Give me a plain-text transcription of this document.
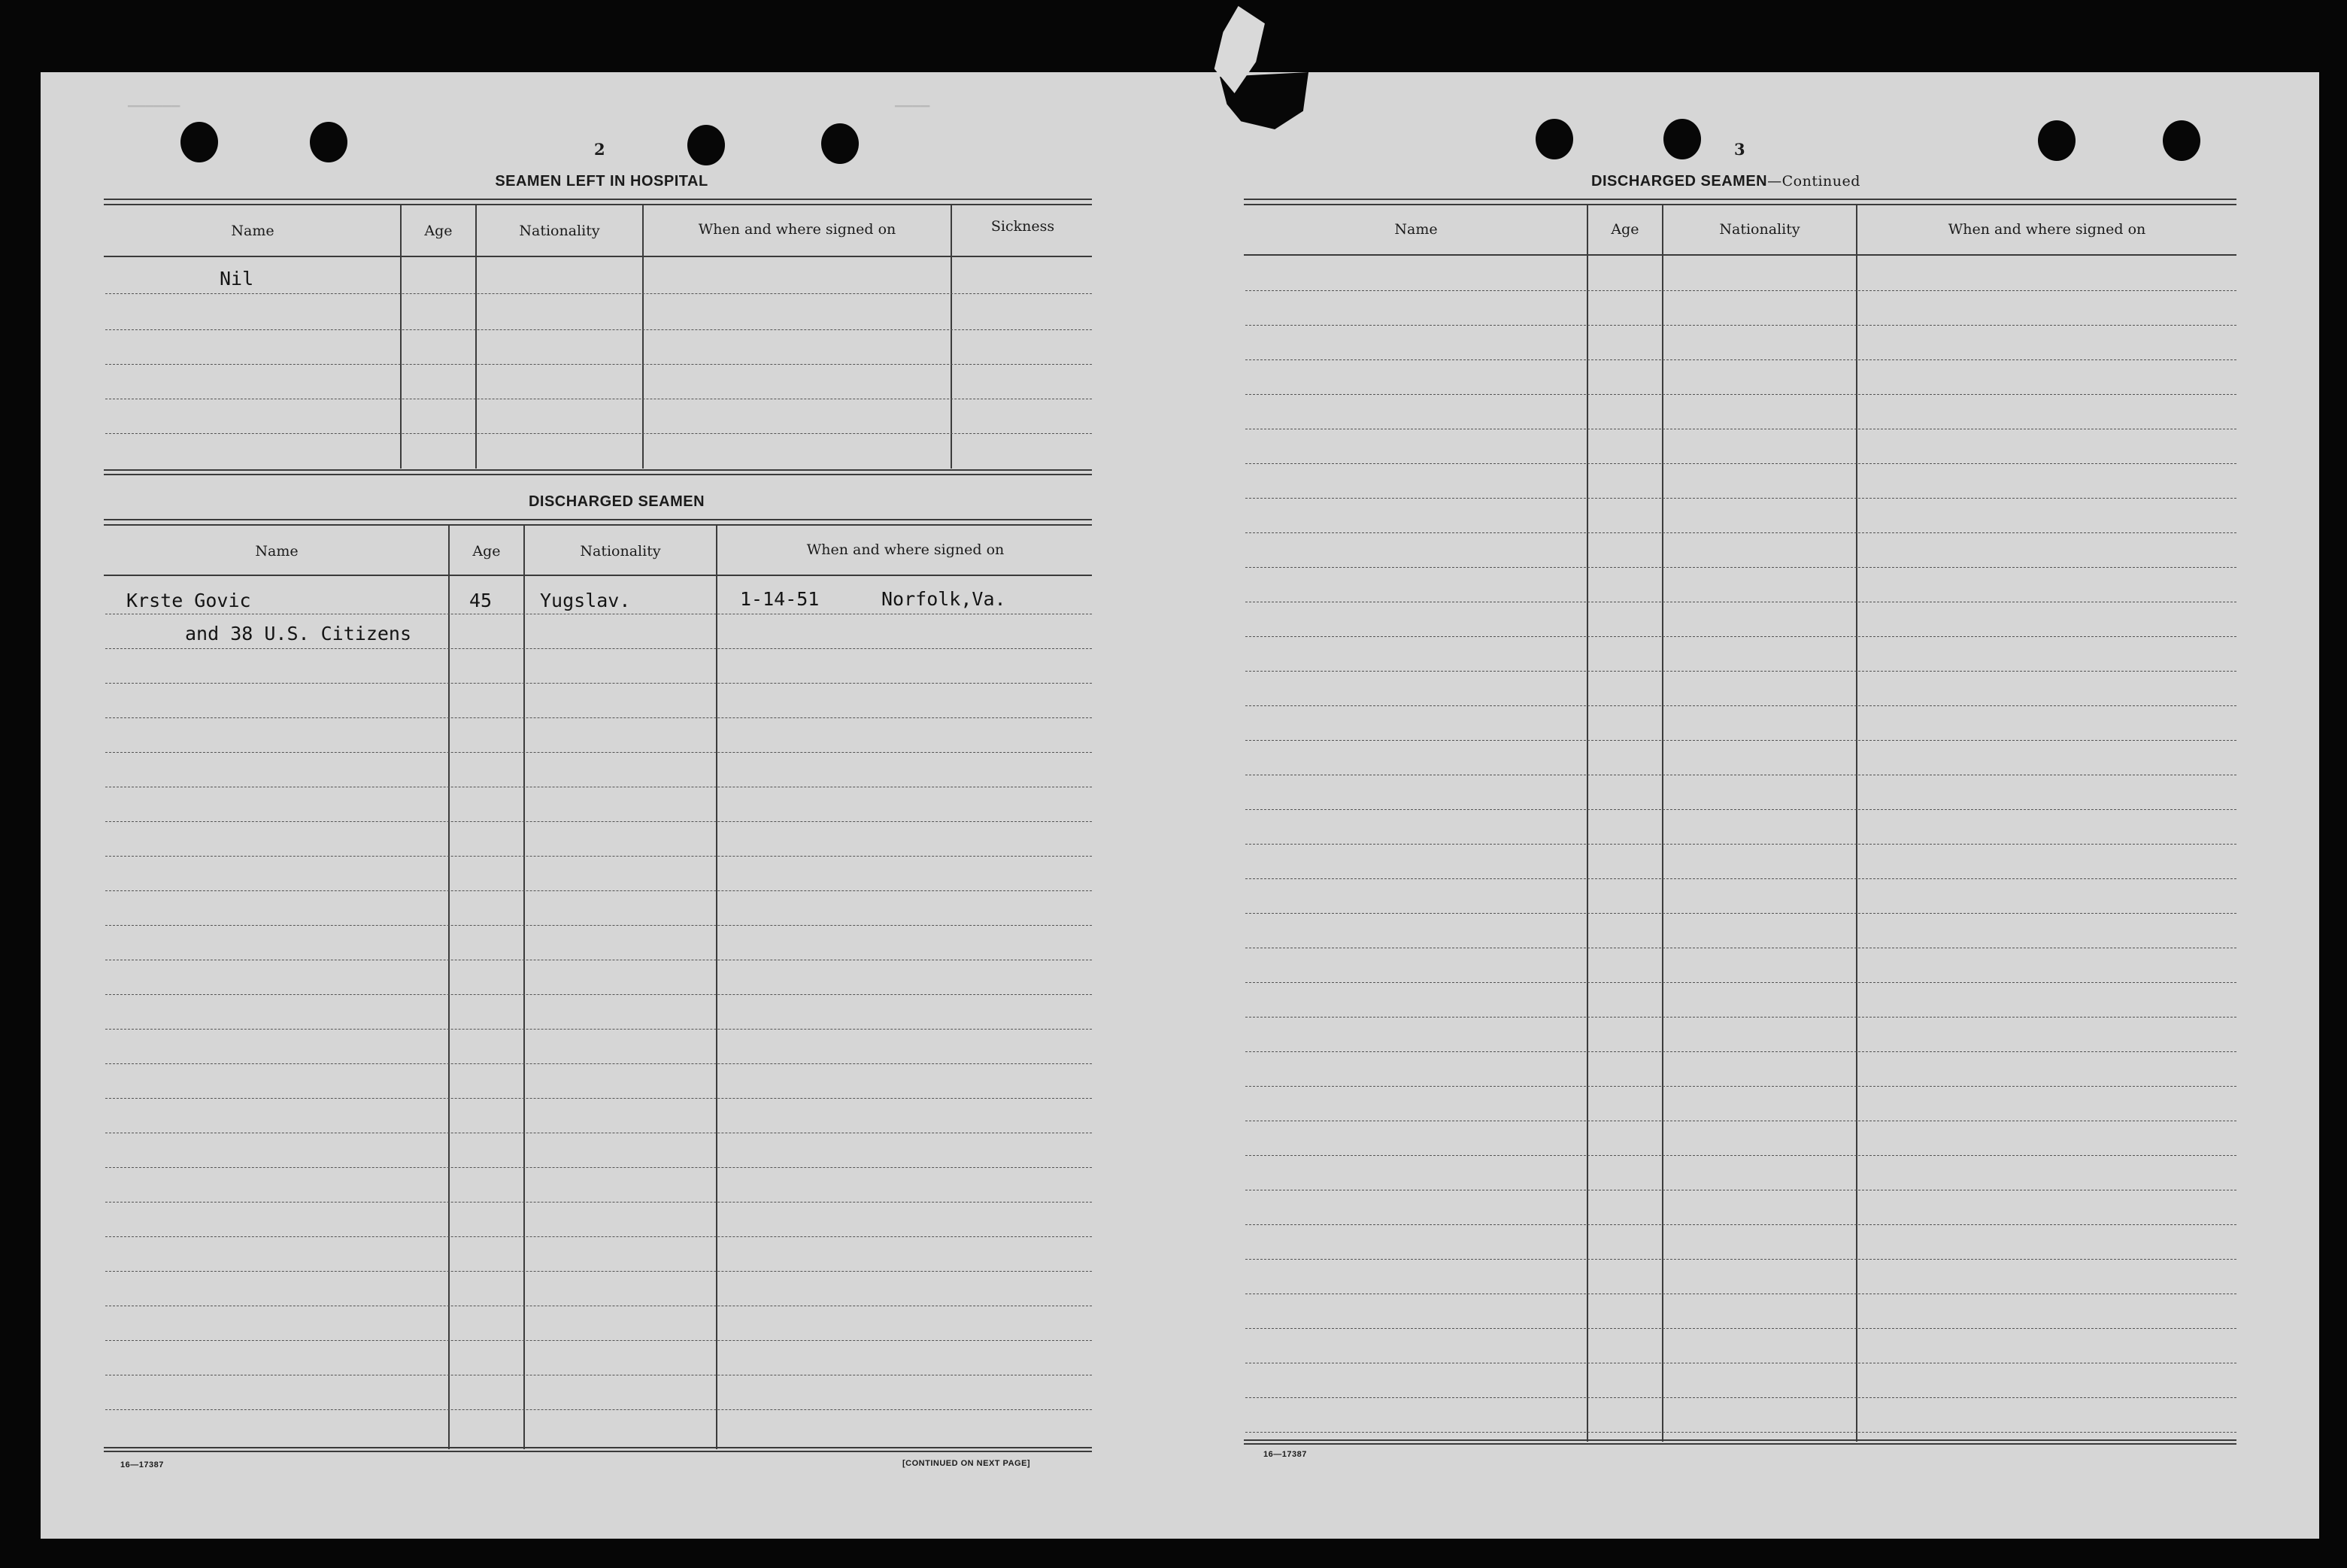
▔▔▔▔▔▔	▔▔▔▔
2
SEAMEN LEFT IN HOSPITAL
Name	Age	Nationality	When and where signed on	Sickness
Nil
DISCHARGED SEAMEN
Name	Age	Nationality	When and where signed on
Krste Govic	45	Yugslav.	1-14-51	Norfolk,Va.
and 38 U.S. Citizens
16—17387	[CONTINUED ON NEXT PAGE]
3
DISCHARGED SEAMEN—Continued
Name	Age	Nationality	When and where signed on
16—17387
